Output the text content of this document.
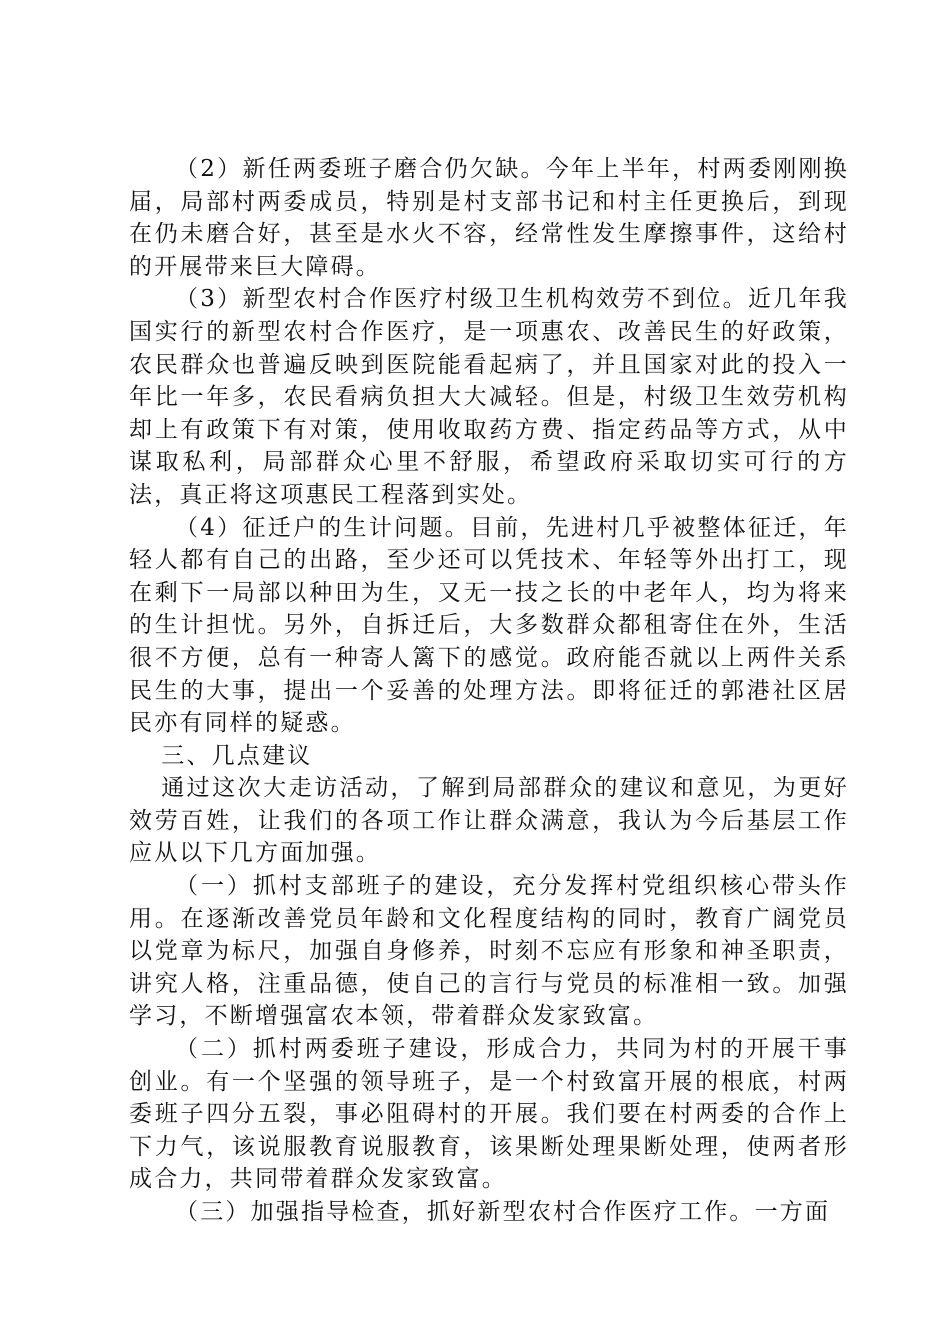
（2）新任两委班子磨合仍欠缺。今年上半年，村两委刚刚换届，局部村两委成员，特别是村支部书记和村主任更换后，到现在仍未磨合好，甚至是水火不容，经常性发生摩擦事件，这给村的开展带来巨大障碍。

（3）新型农村合作医疗村级卫生机构效劳不到位。近几年我国实行的新型农村合作医疗，是一项惠农、改善民生的好政策，农民群众也普遍反映到医院能看起病了，并且国家对此的投入一年比一年多，农民看病负担大大减轻。但是，村级卫生效劳机构却上有政策下有对策，使用收取药方费、指定药品等方式，从中谋取私利，局部群众心里不舒服，希望政府采取切实可行的方法，真正将这项惠民工程落到实处。

（4）征迁户的生计问题。目前，先进村几乎被整体征迁，年轻人都有自己的出路，至少还可以凭技术、年轻等外出打工，现在剩下一局部以种田为生，又无一技之长的中老年人，均为将来的生计担忧。另外，自拆迁后，大多数群众都租寄住在外，生活很不方便，总有一种寄人篱下的感觉。政府能否就以上两件关系民生的大事，提出一个妥善的处理方法。即将征迁的郭港社区居民亦有同样的疑惑。

三、几点建议

通过这次大走访活动，了解到局部群众的建议和意见，为更好效劳百姓，让我们的各项工作让群众满意，我认为今后基层工作应从以下几方面加强。

（一）抓村支部班子的建设，充分发挥村党组织核心带头作用。在逐渐改善党员年龄和文化程度结构的同时，教育广阔党员以党章为标尺，加强自身修养，时刻不忘应有形象和神圣职责，讲究人格，注重品德，使自己的言行与党员的标准相一致。加强学习，不断增强富农本领，带着群众发家致富。

（二）抓村两委班子建设，形成合力，共同为村的开展干事创业。有一个坚强的领导班子，是一个村致富开展的根底，村两委班子四分五裂，事必阻碍村的开展。我们要在村两委的合作上下力气，该说服教育说服教育，该果断处理果断处理，使两者形成合力，共同带着群众发家致富。

（三）加强指导检查，抓好新型农村合作医疗工作。一方面
